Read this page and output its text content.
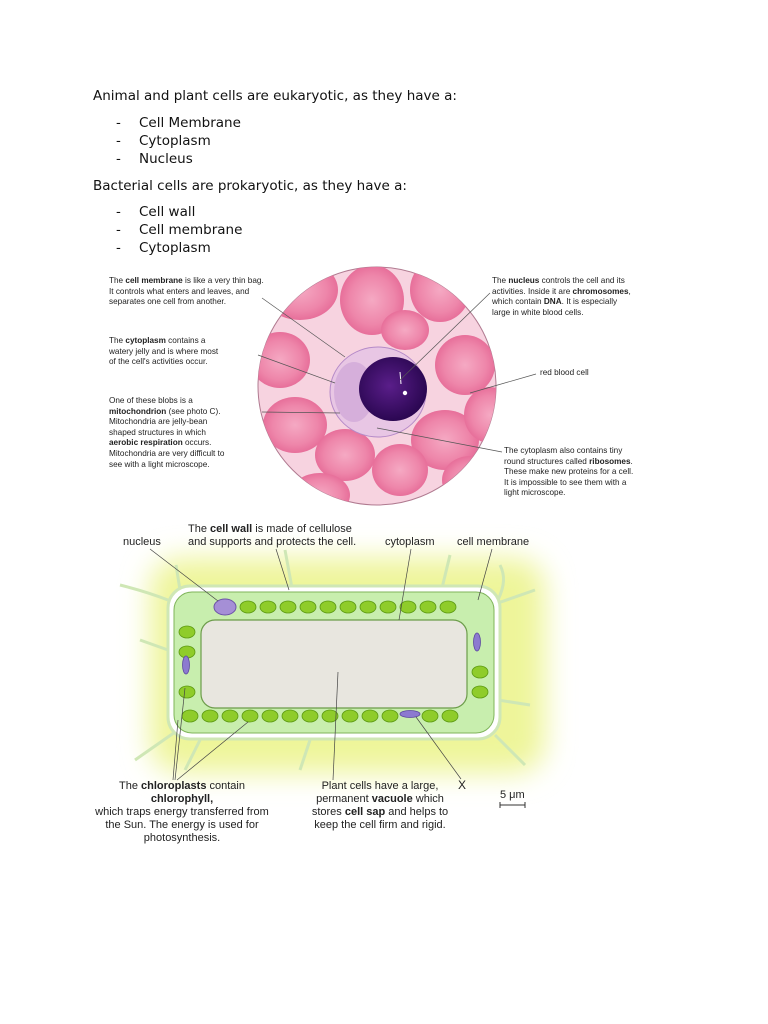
Animal and plant cells are eukaryotic, as they have a:
- Cell Membrane
- Cytoplasm
- Nucleus
Bacterial cells are prokaryotic, as they have a:
- Cell wall
- Cell membrane
- Cytoplasm
The cell membrane is like a very thin bag.
It controls what enters and leaves, and
separates one cell from another.
The cytoplasm contains a
watery jelly and is where most
of the cell's activities occur.
One of these blobs is a
mitochondrion (see photo C).
Mitochondria are jelly-bean
shaped structures in which
aerobic respiration occurs.
Mitochondria are very difficult to
see with a light microscope.
The nucleus controls the cell and its
activities. Inside it are chromosomes,
which contain DNA. It is especially
large in white blood cells.
red blood cell
The cytoplasm also contains tiny
round structures called ribosomes.
These make new proteins for a cell.
It is impossible to see them with a
light microscope.
nucleus
The cell wall is made of cellulose
and supports and protects the cell.	cytoplasm cell membrane
The chloroplasts contain chlorophyll,
which traps energy transferred from
the Sun. The energy is used for
photosynthesis.
Plant cells have a large,
permanent vacuole which
stores cell sap and helps to
keep the cell firm and rigid.
X
5 μm
